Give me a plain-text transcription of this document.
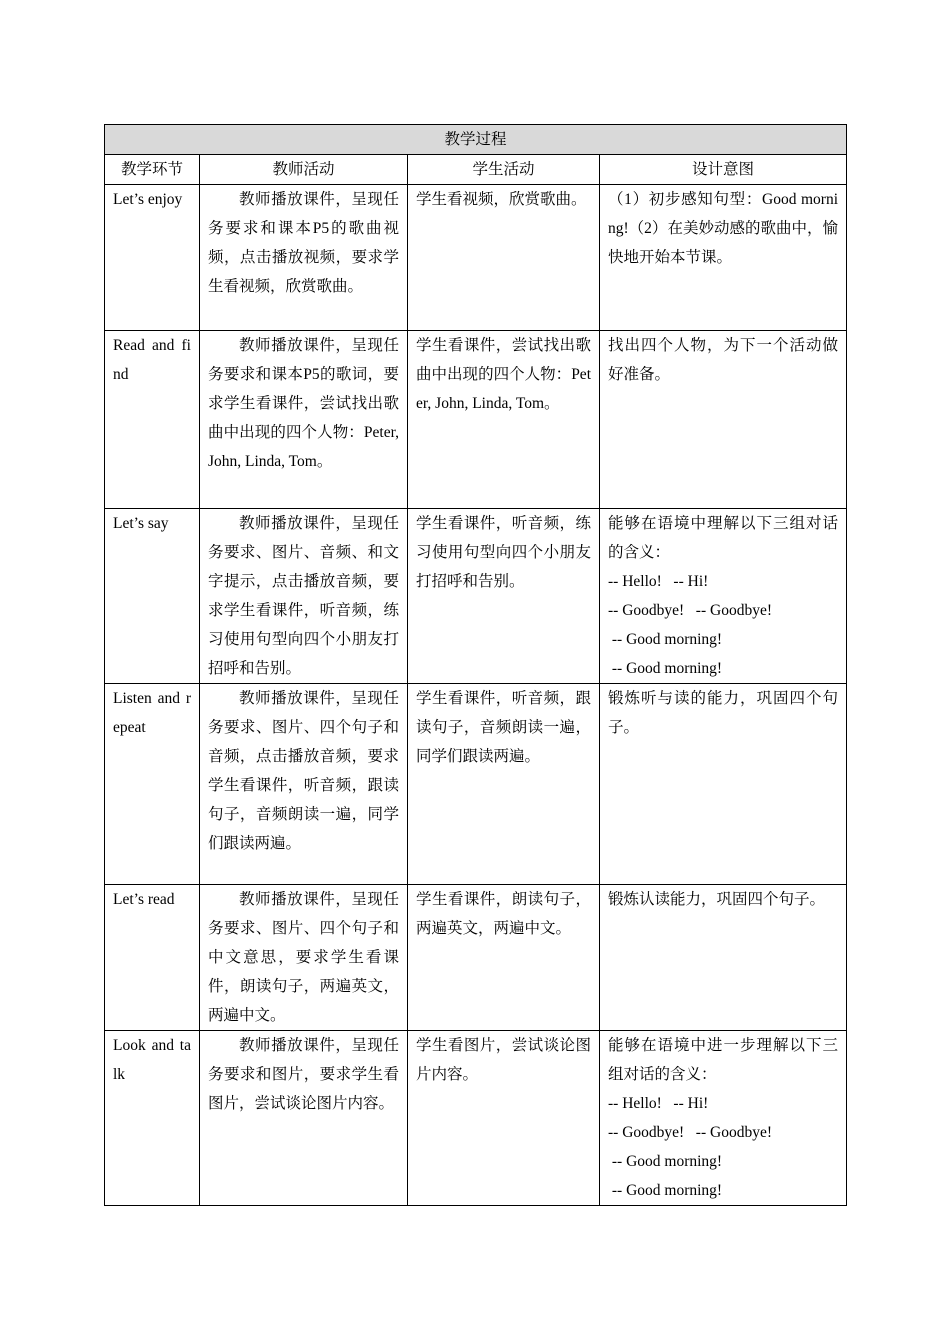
教学过程			
教学环节	教师活动	学生活动	设计意图
Let’s enjoy	教师播放课件，呈现任务要求和课本P5的歌曲视频，点击播放视频，要求学生看视频，欣赏歌曲。	学生看视频，欣赏歌曲。	（1）初步感知句型：Good morning!（2）在美妙动感的歌曲中，愉快地开始本节课。

Read and find	教师播放课件，呈现任务要求和课本P5的歌词，要求学生看课件，尝试找出歌曲中出现的四个人物：Peter, John, Linda, Tom。	学生看课件，尝试找出歌曲中出现的四个人物：Peter, John, Linda, Tom。	找出四个人物，为下一个活动做好准备。

Let’s say	教师播放课件，呈现任务要求、图片、音频、和文字提示，点击播放音频，要求学生看课件，听音频，练习使用句型向四个小朋友打招呼和告别。	学生看课件，听音频，练习使用句型向四个小朋友打招呼和告别。	能够在语境中理解以下三组对话的含义：
-- Hello!   -- Hi!
-- Goodbye!   -- Goodbye!
-- Good morning!
-- Good morning!

Listen and repeat	教师播放课件，呈现任务要求、图片、四个句子和音频，点击播放音频，要求学生看课件，听音频，跟读句子，音频朗读一遍，同学们跟读两遍。	学生看课件，听音频，跟读句子，音频朗读一遍，同学们跟读两遍。	锻炼听与读的能力，巩固四个句子。

Let’s read	教师播放课件，呈现任务要求、图片、四个句子和中文意思，要求学生看课件，朗读句子，两遍英文，两遍中文。	学生看课件，朗读句子，两遍英文，两遍中文。	锻炼认读能力，巩固四个句子。

Look and talk	教师播放课件，呈现任务要求和图片，要求学生看图片，尝试谈论图片内容。	学生看图片，尝试谈论图片内容。	能够在语境中进一步理解以下三组对话的含义：
-- Hello!   -- Hi!
-- Goodbye!   -- Goodbye!
-- Good morning!
-- Good morning!
